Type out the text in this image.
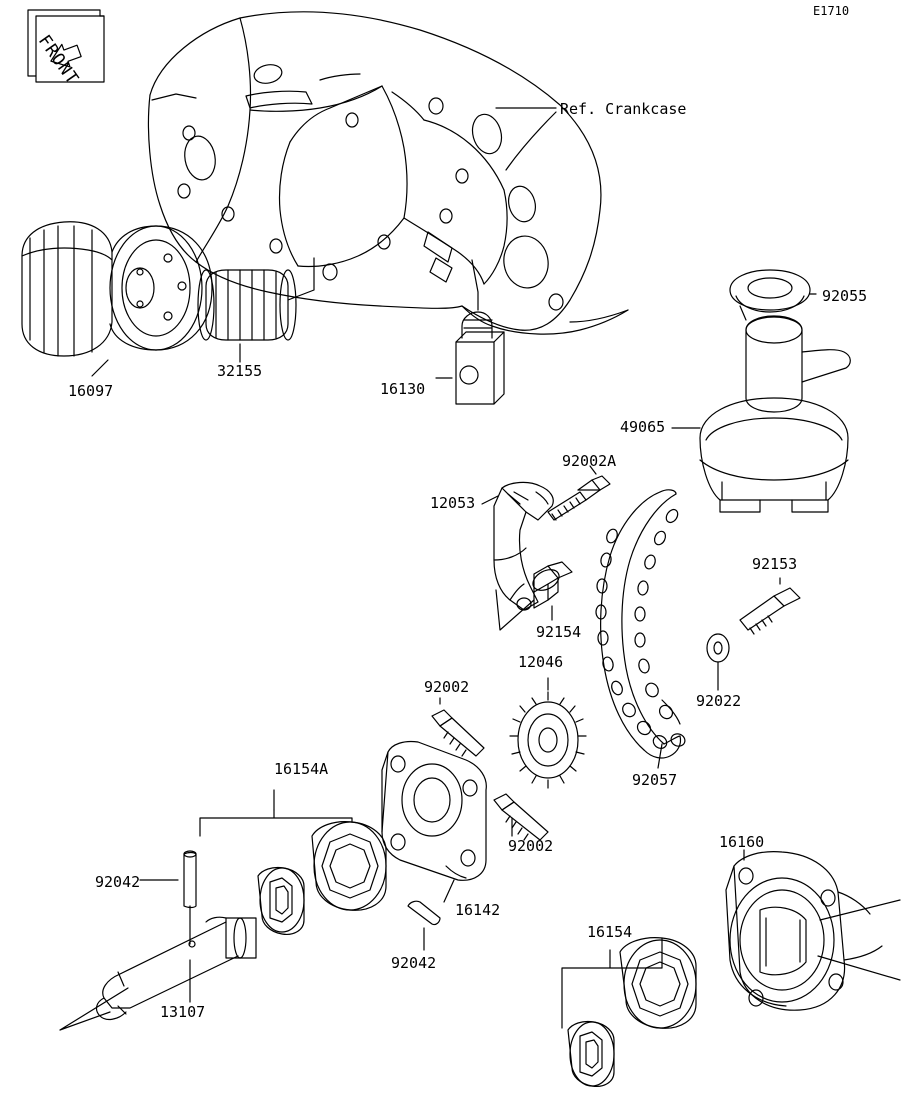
E1710
FRONT
Ref. Crankcase
16097
32155
16130
92055
49065
92002A
12053
92154
92153
92022
12046
92002
92057
16154A
92002
92042
16142
92042
13107
16160
16154
